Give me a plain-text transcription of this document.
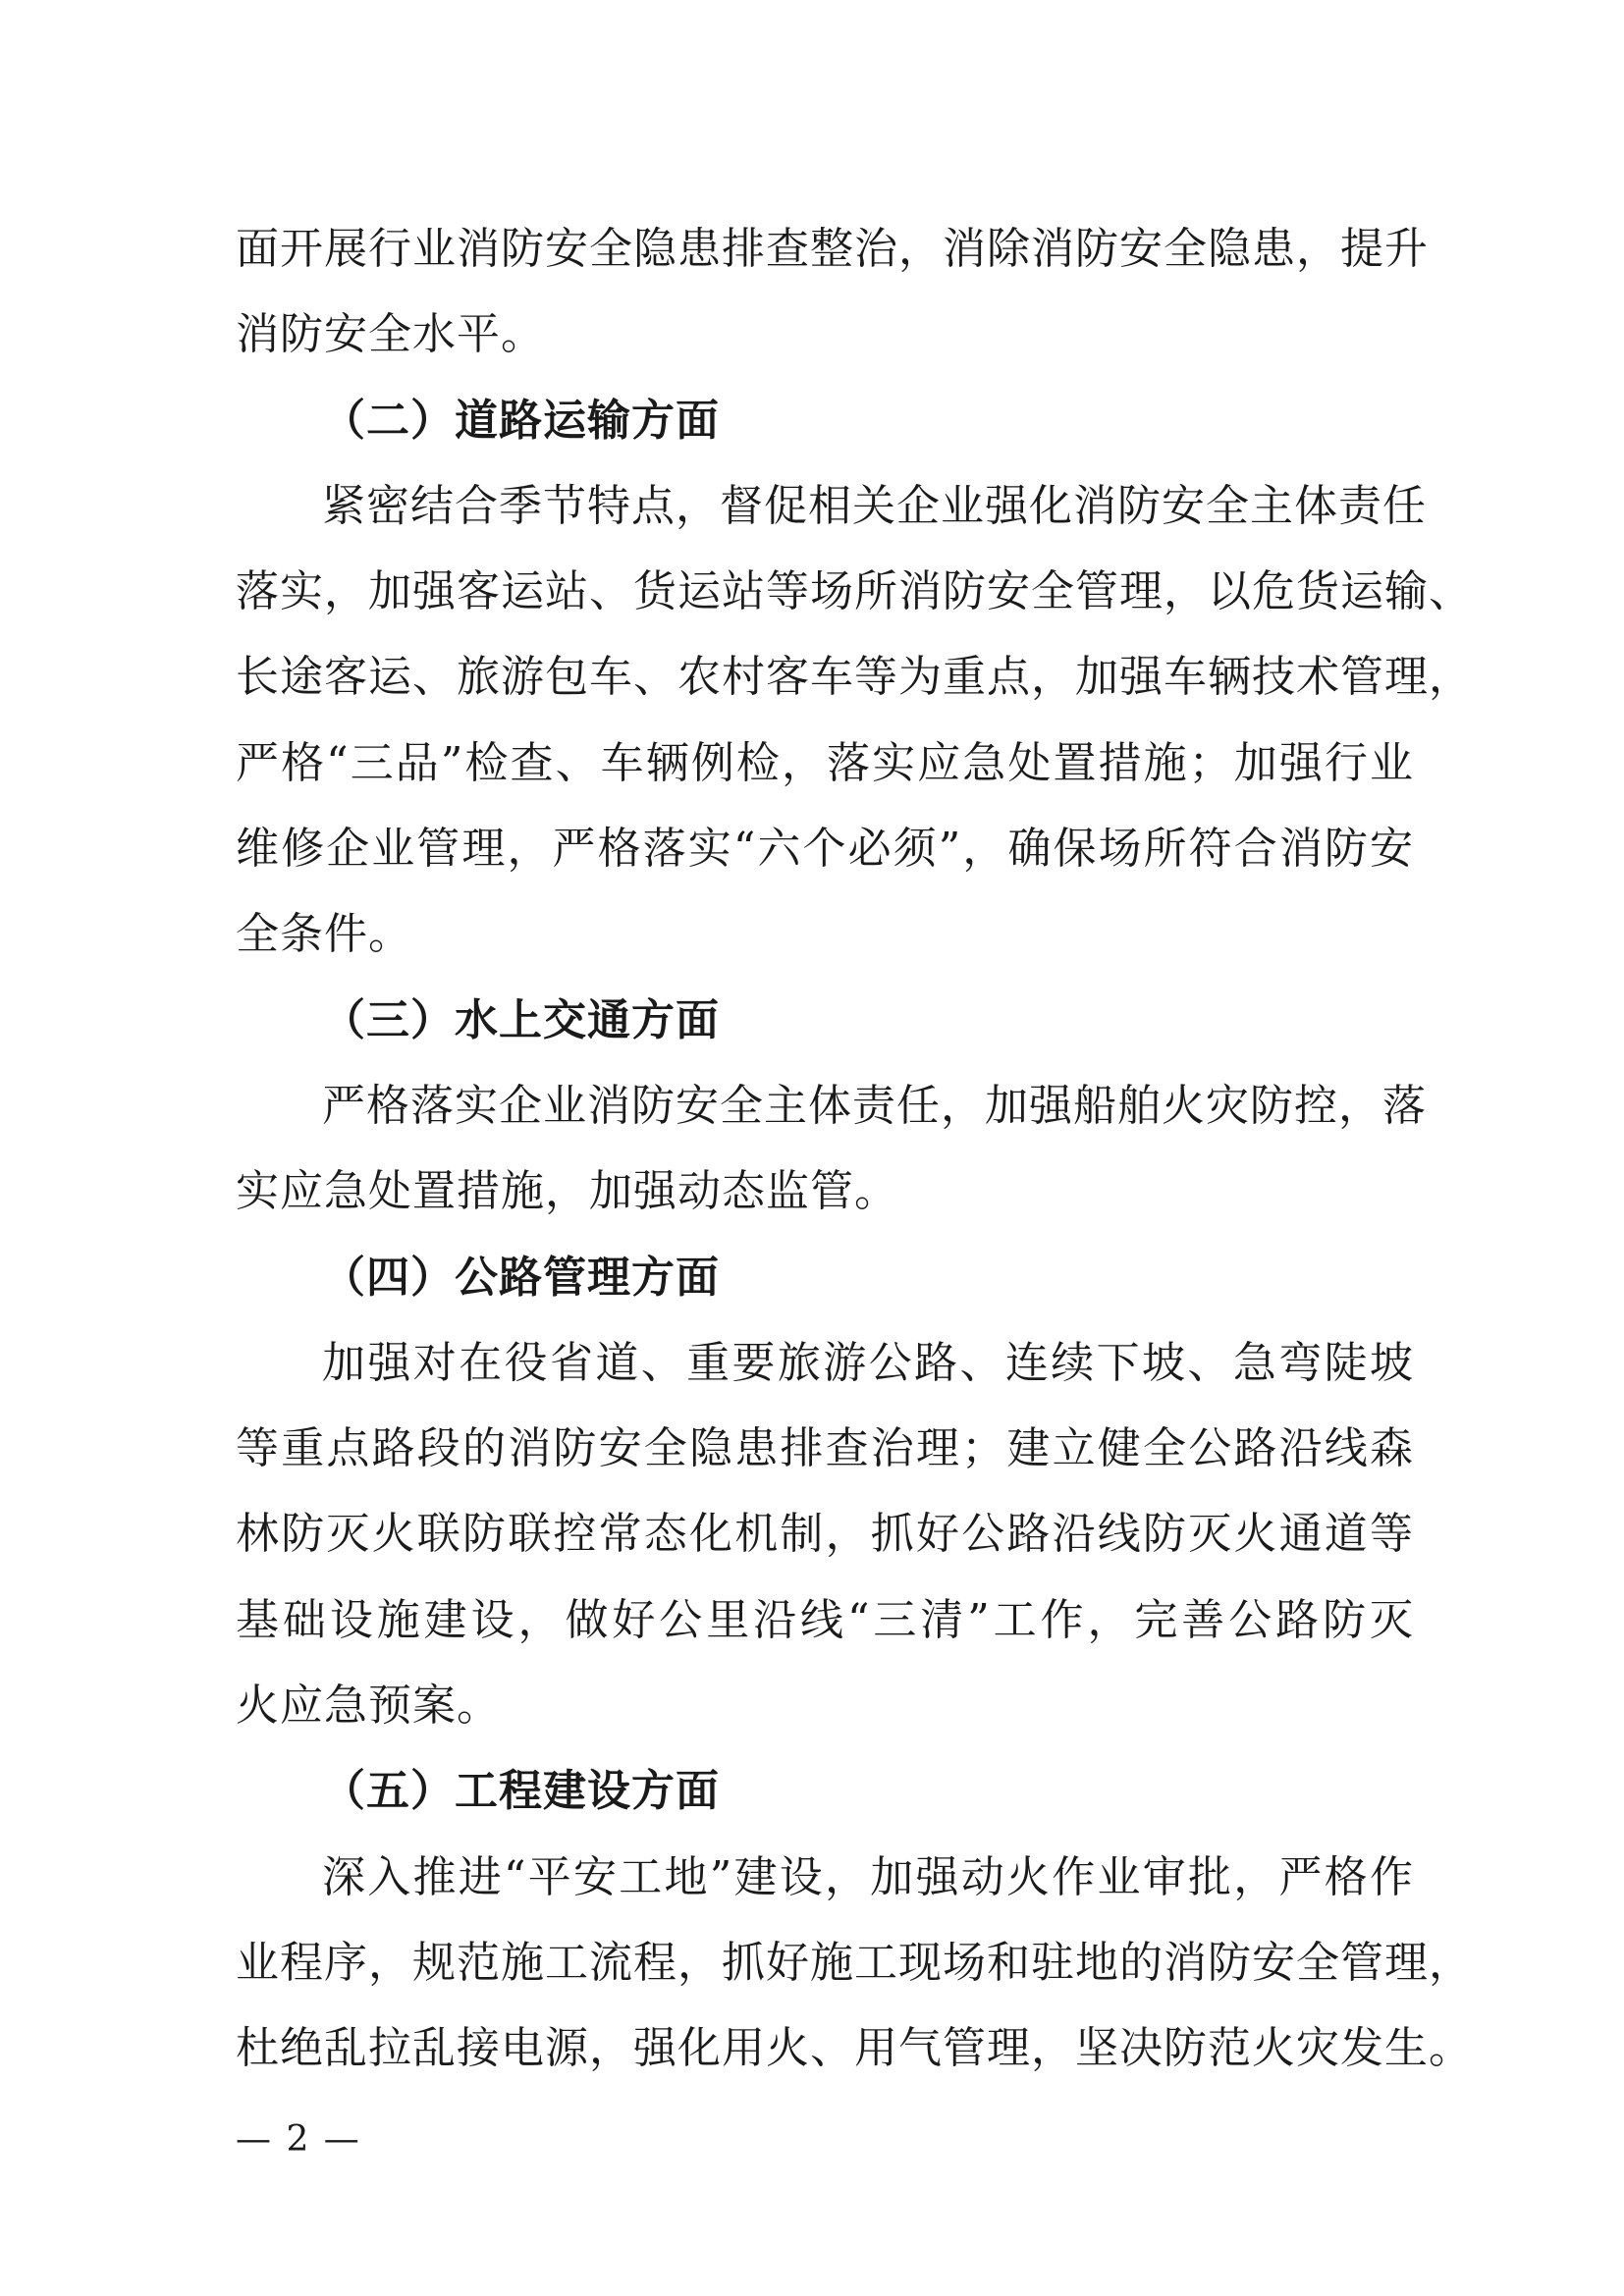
面开展行业消防安全隐患排查整治，消除消防安全隐患，提升
消防安全水平。
（二）道路运输方面
紧密结合季节特点，督促相关企业强化消防安全主体责任
落实，加强客运站、货运站等场所消防安全管理，以危货运输、
长途客运、旅游包车、农村客车等为重点，加强车辆技术管理，
严格“三品”检查、车辆例检，落实应急处置措施；加强行业
维修企业管理，严格落实“六个必须”，确保场所符合消防安
全条件。
（三）水上交通方面
严格落实企业消防安全主体责任，加强船舶火灾防控，落
实应急处置措施，加强动态监管。
（四）公路管理方面
加强对在役省道、重要旅游公路、连续下坡、急弯陡坡
等重点路段的消防安全隐患排查治理；建立健全公路沿线森
林防灭火联防联控常态化机制，抓好公路沿线防灭火通道等
基础设施建设，做好公里沿线“三清”工作，完善公路防灭
火应急预案。
（五）工程建设方面
深入推进“平安工地”建设，加强动火作业审批，严格作
业程序，规范施工流程，抓好施工现场和驻地的消防安全管理，
杜绝乱拉乱接电源，强化用火、用气管理，坚决防范火灾发生。
— 2 —
